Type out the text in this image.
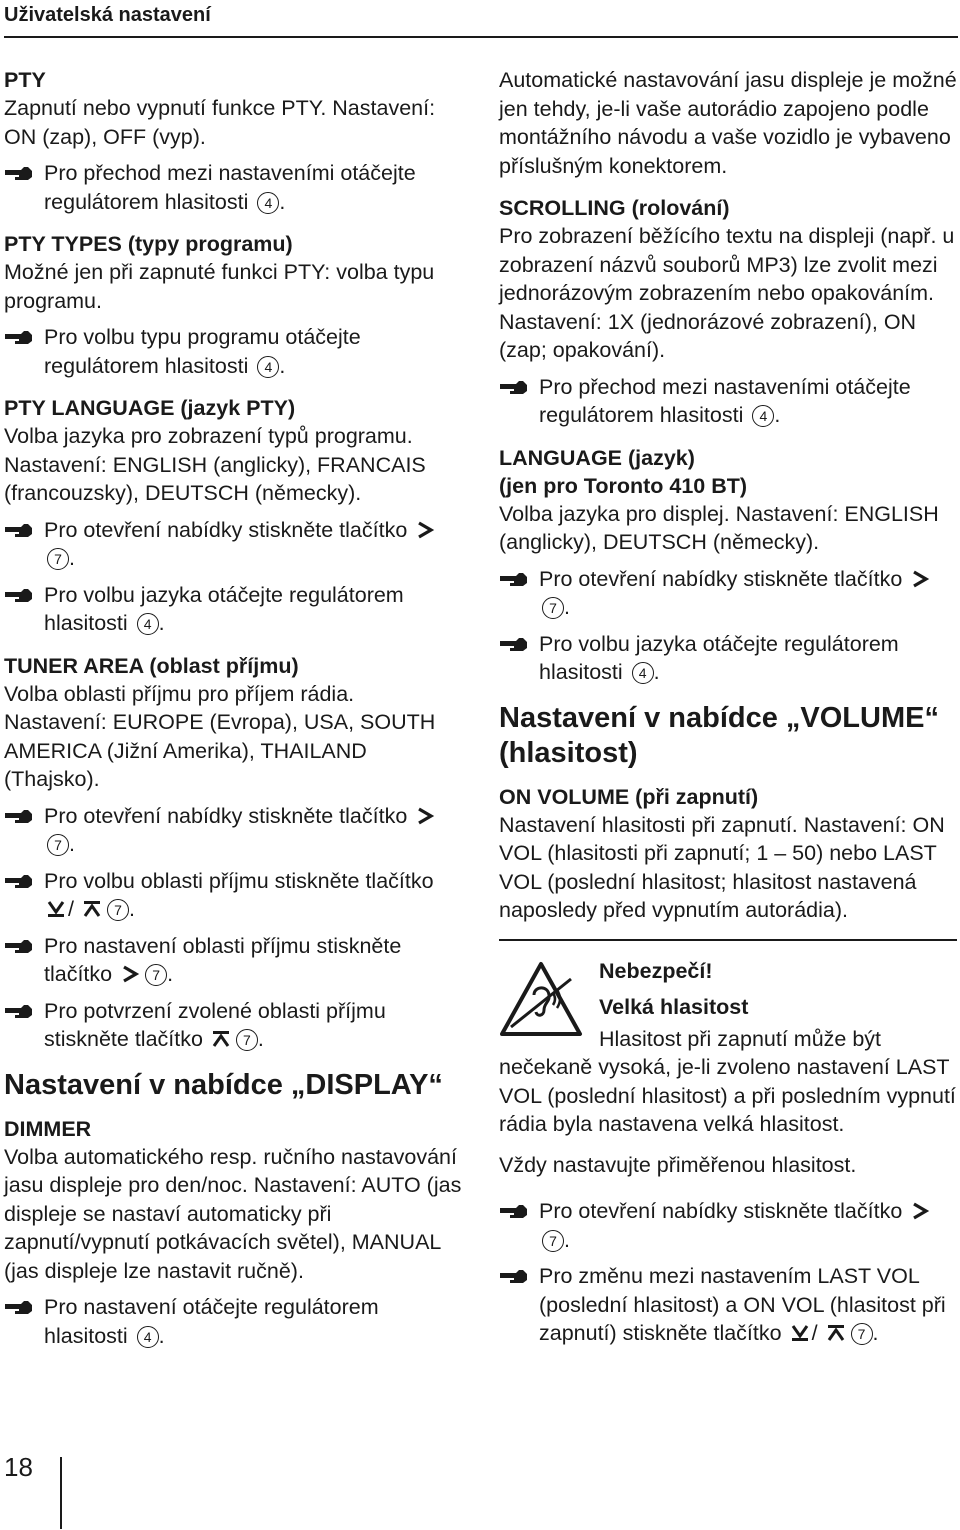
Uživatelská nastavení
PTY

Zapnutí nebo vypnutí funkce PTY. Nastavení: ON (zap), OFF (vyp).

Pro přechod mezi nastaveními otáčejte regulátorem hlasitosti 4 .
PTY TYPES (typy programu)

Možné jen při zapnuté funkci PTY: volba typu programu.

Pro volbu typu programu otáčejte regulátorem hlasitosti 4 .
PTY LANGUAGE (jazyk PTY)

Volba jazyka pro zobrazení typů programu. Nastavení: ENGLISH (anglicky), FRANCAIS (francouzsky), DEUTSCH (německy).

Pro otevření nabídky stiskněte tlačítko 7 .
Pro volbu jazyka otáčejte regulátorem hlasitosti 4 .
TUNER AREA (oblast příjmu)

Volba oblasti příjmu pro příjem rádia. Nastavení: EUROPE (Evropa), USA, SOUTH AMERICA (Jižní Amerika), THAILAND (Thajsko).

Pro otevření nabídky stiskněte tlačítko 7 .
Pro volbu oblasti příjmu stiskněte tlačítko /	7 .
Pro nastavení oblasti příjmu stiskněte tlačítko	7 .
Pro potvrzení zvolené oblasti příjmu stiskněte tlačítko	7 .
Nastavení v nabídce „DISPLAY“
DIMMER

Volba automatického resp. ručního nastavování jasu displeje pro den/noc. Nastavení: AUTO (jas displeje se nastaví automaticky při zapnutí/vypnutí potkávacích světel), MANUAL (jas displeje lze nastavit ručně).

Pro nastavení otáčejte regulátorem hlasitosti 4 .

Automatické nastavování jasu displeje je možné jen tehdy, je-li vaše autorádio zapojeno podle montážního návodu a vaše vozidlo je vybaveno příslušným konektorem.

SCROLLING (rolování)

Pro zobrazení běžícího textu na displeji (např. u zobrazení názvů souborů MP3) lze zvolit mezi jednorázovým zobrazením nebo opakováním. Nastavení: 1X (jednorázové zobrazení), ON (zap; opakování).

Pro přechod mezi nastaveními otáčejte regulátorem hlasitosti 4 .
LANGUAGE (jazyk)
(jen pro Toronto 410 BT)

Volba jazyka pro displej. Nastavení: ENGLISH (anglicky), DEUTSCH (německy).

Pro otevření nabídky stiskněte tlačítko 7 .
Pro volbu jazyka otáčejte regulátorem hlasitosti 4 .
Nastavení v nabídce „VOLUME“ (hlasitost)
ON VOLUME (při zapnutí)

Nastavení hlasitosti při zapnutí. Nastavení: ON VOL (hlasitosti při zapnutí; 1 – 50) nebo LAST VOL (poslední hlasitost; hlasitost nastavená naposledy před vypnutím autorádia).

Nebezpečí!
Velká hlasitost

Hlasitost při zapnutí může být nečekaně vysoká, je-li zvoleno nastavení LAST VOL (poslední hlasitost) a při posledním vypnutí rádia byla nastavena velká hlasitost.

Vždy nastavujte přiměřenou hlasitost.

Pro otevření nabídky stiskněte tlačítko 7 .
Pro změnu mezi nastavením LAST VOL (poslední hlasitost) a ON VOL (hlasitost při zapnutí) stiskněte tlačítko /	7 .
18
